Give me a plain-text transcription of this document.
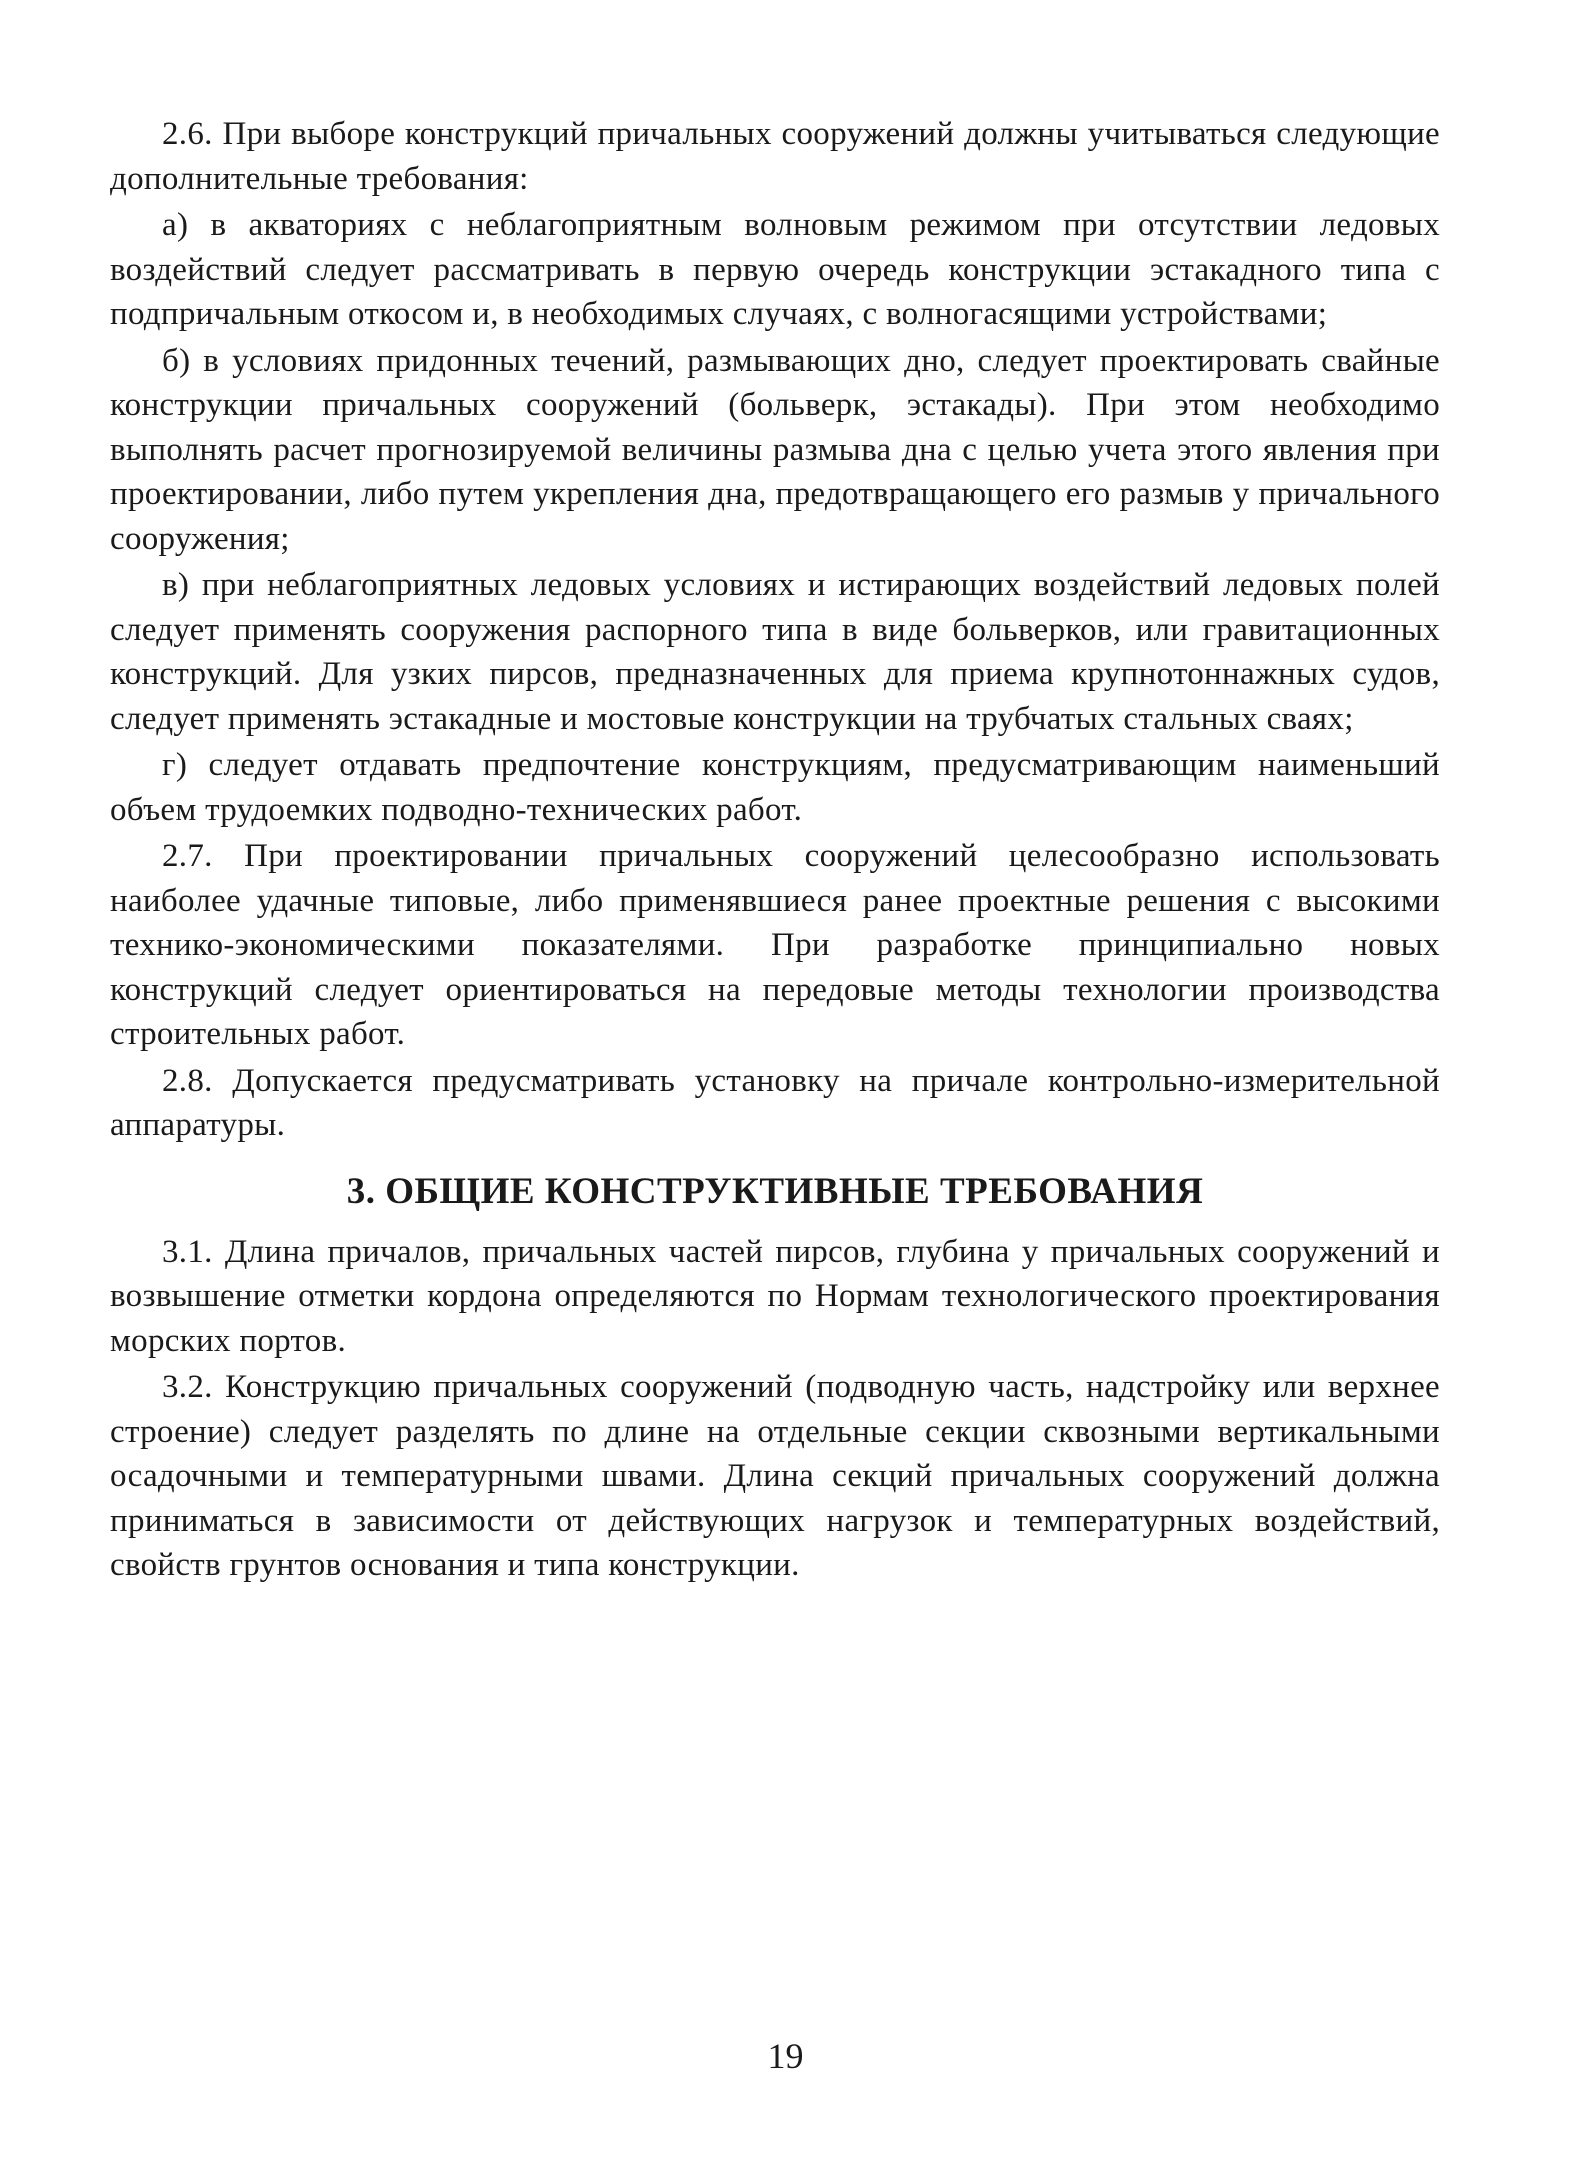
2.6. При выборе конструкций причальных сооружений должны учитываться следующие дополнительные требования:

а) в акваториях с неблагоприятным волновым режимом при отсутствии ледовых воздействий следует рассматривать в первую очередь конструкции эстакадного типа с подпричальным откосом и, в необходимых случаях, с волногасящими устройствами;

б) в условиях придонных течений, размывающих дно, следует проектировать свайные конструкции причальных сооружений (больверк, эстакады). При этом необходимо выполнять расчет прогнозируемой величины размыва дна с целью учета этого явления при проектировании, либо путем укрепления дна, предотвращающего его размыв у причального сооружения;

в) при неблагоприятных ледовых условиях и истирающих воздействий ледовых полей следует применять сооружения распорного типа в виде больверков, или гравитационных конструкций. Для узких пирсов, предназначенных для приема крупнотоннажных судов, следует применять эстакадные и мостовые конструкции на трубчатых стальных сваях;

г) следует отдавать предпочтение конструкциям, предусматривающим наименьший объем трудоемких подводно-технических работ.

2.7. При проектировании причальных сооружений целесообразно использовать наиболее удачные типовые, либо применявшиеся ранее проектные решения с высокими технико-экономическими показателями. При разработке принципиально новых конструкций следует ориентироваться на передовые методы технологии производства строительных работ.

2.8. Допускается предусматривать установку на причале контрольно-измерительной аппаратуры.

3. ОБЩИЕ КОНСТРУКТИВНЫЕ ТРЕБОВАНИЯ

3.1. Длина причалов, причальных частей пирсов, глубина у причальных сооружений и возвышение отметки кордона определяются по Нормам технологического проектирования морских портов.

3.2. Конструкцию причальных сооружений (подводную часть, надстройку или верхнее строение) следует разделять по длине на отдельные секции сквозными вертикальными осадочными и температурными швами. Длина секций причальных сооружений должна приниматься в зависимости от действующих нагрузок и температурных воздействий, свойств грунтов основания и типа конструкции.

19
